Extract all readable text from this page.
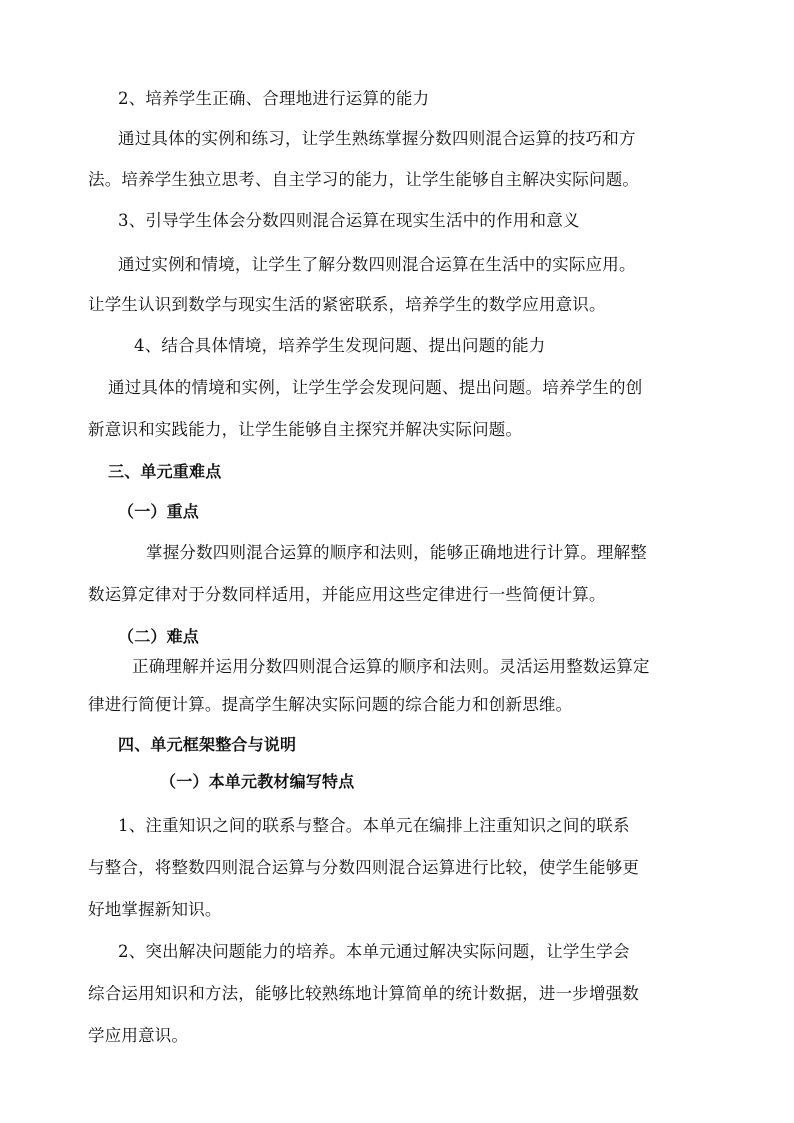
2、培养学生正确、合理地进行运算的能力
通过具体的实例和练习，让学生熟练掌握分数四则混合运算的技巧和方
法。培养学生独立思考、自主学习的能力，让学生能够自主解决实际问题。
3、引导学生体会分数四则混合运算在现实生活中的作用和意义
通过实例和情境，让学生了解分数四则混合运算在生活中的实际应用。
让学生认识到数学与现实生活的紧密联系，培养学生的数学应用意识。
4、结合具体情境，培养学生发现问题、提出问题的能力
通过具体的情境和实例，让学生学会发现问题、提出问题。培养学生的创
新意识和实践能力，让学生能够自主探究并解决实际问题。
三、单元重难点
（一）重点
掌握分数四则混合运算的顺序和法则，能够正确地进行计算。理解整
数运算定律对于分数同样适用，并能应用这些定律进行一些简便计算。
（二）难点
正确理解并运用分数四则混合运算的顺序和法则。灵活运用整数运算定
律进行简便计算。提高学生解决实际问题的综合能力和创新思维。
四、单元框架整合与说明
（一）本单元教材编写特点
1、注重知识之间的联系与整合。本单元在编排上注重知识之间的联系
与整合，将整数四则混合运算与分数四则混合运算进行比较，使学生能够更
好地掌握新知识。
2、突出解决问题能力的培养。本单元通过解决实际问题，让学生学会
综合运用知识和方法，能够比较熟练地计算简单的统计数据，进一步增强数
学应用意识。
